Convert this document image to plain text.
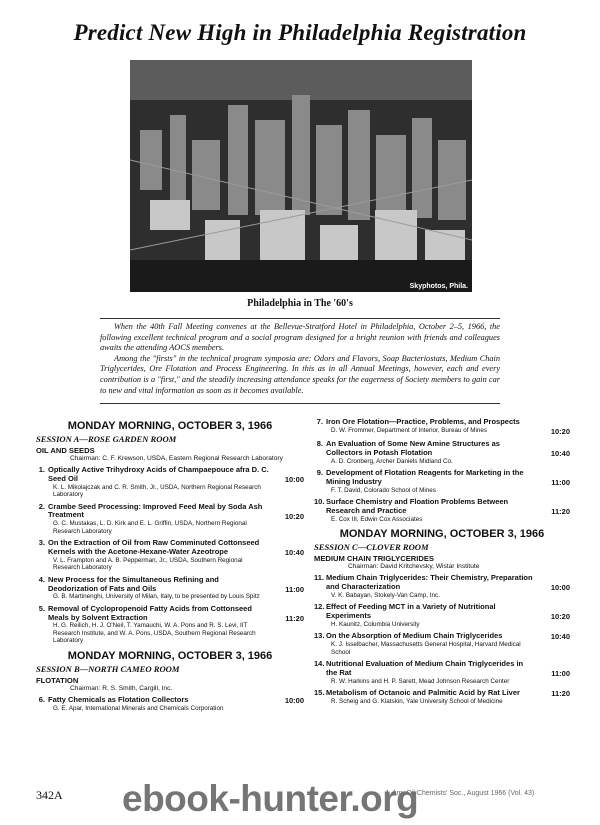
Predict New High in Philadelphia Registration
Skyphotos, Phila.
Philadelphia in The '60's

When the 40th Fall Meeting convenes at the Bellevue-Stratford Hotel in Philadelphia, October 2–5, 1966, the following excellent technical program and a social program designed for a bright reunion with friends and colleagues awaits the attending AOCS members.

Among the "firsts" in the technical program symposia are: Odors and Flavors, Soap Bacteriostats, Medium Chain Triglycerides, Ore Flotation and Process Engineering. In this as in all Annual Meetings, however, each and every contribution is a "first," and the steadily increasing attendance speaks for the eagerness of Society members to gain car to new and vital information as soon as it becomes available.

MONDAY MORNING, OCTOBER 3, 1966
SESSION A—ROSE GARDEN ROOM
OIL AND SEEDS
Chairman: C. F. Krewson, USDA, Eastern Regional Research Laboratory
1. Optically Active Trihydroxy Acids of Champaepouce afra D. C. Seed Oil
K. L. Mikolajczak and C. R. Smith, Jr., USDA, Northern Regional Research Laboratory
10:00
2. Crambe Seed Processing: Improved Feed Meal by Soda Ash Treatment
G. C. Mustakas, L. D. Kirk and E. L. Griffin, USDA, Northern Regional Research Laboratory
10:20
3. On the Extraction of Oil from Raw Comminuted Cottonseed Kernels with the Acetone-Hexane-Water Azeotrope
V. L. Frampton and A. B. Pepperman, Jr., USDA, Southern Regional Research Laboratory
10:40
4. New Process for the Simultaneous Refining and Deodorization of Fats and Oils
G. B. Martinenghi, University of Milan, Italy, to be presented by Louis Spitz
11:00
5. Removal of Cyclopropenoid Fatty Acids from Cottonseed Meals by Solvent Extraction
H. G. Reilich, H. J. O'Neil, T. Yamauchi, W. A. Pons and R. S. Levi, IIT Research Institute, and W. A. Pons, USDA, Southern Regional Research Laboratory
11:20
MONDAY MORNING, OCTOBER 3, 1966
SESSION B—NORTH CAMEO ROOM
FLOTATION
Chairman: R. S. Smith, Cargill, Inc.
6. Fatty Chemicals as Flotation Collectors
G. E. Apar, International Minerals and Chemicals Corporation
10:00
7. Iron Ore Flotation—Practice, Problems, and Prospects
D. W. Frommer, Department of Interior, Bureau of Mines	10:20
8. An Evaluation of Some New Amine Structures as Collectors in Potash Flotation
A. D. Cronberg, Archer Daniels Midland Co.
10:40
9. Development of Flotation Reagents for Marketing in the Mining Industry
F. T. David, Colorado School of Mines
11:00
10. Surface Chemistry and Floation Problems Between Research and Practice
E. Cox III, Edwin Cox Associates
11:20
MONDAY MORNING, OCTOBER 3, 1966
SESSION C—CLOVER ROOM
MEDIUM CHAIN TRIGLYCERIDES
Chairman: David Kritchevsky, Wistar Institute
11. Medium Chain Triglycerides: Their Chemistry, Preparation and Characterization
V. K. Babayan, Stokely-Van Camp, Inc.
10:00
12. Effect of Feeding MCT in a Variety of Nutritional Experiments
H. Kaunitz, Columbia University
10:20
13. On the Absorption of Medium Chain Triglycerides
K. J. Isselbacher, Massachusetts General Hospital, Harvard Medical School
10:40
14. Nutritional Evaluation of Medium Chain Triglycerides in the Rat
R. W. Harkins and H. P. Sarett, Mead Johnson Research Center
11:00
15. Metabolism of Octanoic and Palmitic Acid by Rat Liver
R. Scheig and G. Klatskin, Yale University School of Medicine
11:20
342A	J. Am. Oil Chemists' Soc., August 1966 (Vol. 43)
ebook-hunter.org
